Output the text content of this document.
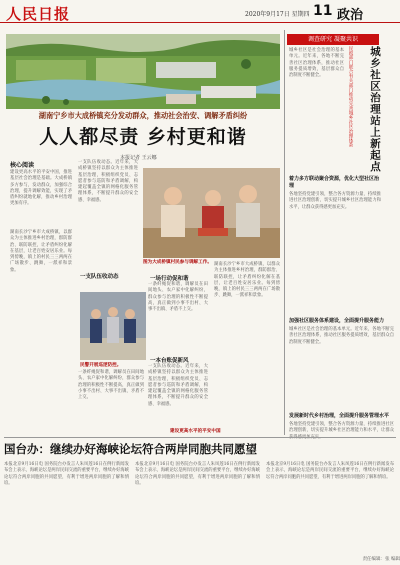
人民日报	2020年9月17日 星期四 11 政治
湖南宁乡市大成桥镇充分发动群众，推动社会治安、调解矛盾纠纷
人人都尽责 乡村更和谐
本报记者 王云娜
核心阅读
建设更高水平的平安中国，推进基层社会治理是基础。大成桥镇多方参与，发动群众，加强综合治理，提升调解效能，实现了矛盾纠纷就地化解，推动乡村治理更加有序。
湖南长沙宁乡市大成桥镇，以群众为主体推进乡村治理，群防群治、联防联控，让矛盾纠纷化解在基层，让老百姓安居乐业。每到傍晚，镇上的村民三三两两在广场散步、跳舞，一派祥和景象。
一支队伍收动态
一支队伍收动态。近年来，大成桥镇坚持以群众为主体推进基层治理，积极组织党员、志愿者参与巡防和矛盾调解，构建起覆盖全镇的网格化服务管理体系，不断提升群众的安全感、幸福感。
民警开展巡逻防控。
一条纤绳促和谐，调解员在田间地头、农户家中化解纠纷，群众参与治理的积极性不断提高，真正做到小事不出村、大事不出镇、矛盾不上交。
图为大成桥镇村民参与调解工作。
一场行动促和谐
一条纤绳促和谐，调解员在田间地头、农户家中化解纠纷，群众参与治理的积极性不断提高，真正做到小事不出村、大事不出镇、矛盾不上交。
一本台账促新风
一支队伍收动态。近年来，大成桥镇坚持以群众为主体推进基层治理，积极组织党员、志愿者参与巡防和矛盾调解，构建起覆盖全镇的网格化服务管理体系，不断提升群众的安全感、幸福感。
湖南长沙宁乡市大成桥镇，以群众为主体推进乡村治理，群防群治、联防联控，让矛盾纠纷化解在基层，让老百姓安居乐业。每到傍晚，镇上的村民三三两两在广场散步、跳舞，一派祥和景象。
建设更高水平的平安中国
调查研究 凝聚共识
城乡社区治理站上新起点
民政部门联合有关部门推动完善城乡社区治理体系
城乡社区是社会治理的基本单元。近年来，各地不断完善社区治理体系，推动社区服务提质增效，基层群众自治制度不断健全。
着力多方联动聚合资源，优化大型社区治理
各地坚持党建引领，整合各方资源力量，持续推进社区治理创新，切实提升城乡社区治理能力和水平，让群众获得感更加充实。
加强社区服务体系建设，全面提升服务能力
城乡社区是社会治理的基本单元。近年来，各地不断完善社区治理体系，推动社区服务提质增效，基层群众自治制度不断健全。
发展新时代乡村治理，全面提升服务管理水平
各地坚持党建引领，整合各方资源力量，持续推进社区治理创新，切实提升城乡社区治理能力和水平，让群众
国台办：继续办好海峡论坛符合两岸同胞共同愿望
本报北京9月16日电 国务院台办发言人朱凤莲16日在例行新闻发布会上表示，海峡论坛是两岸民间交流的重要平台，继续办好海峡论坛符合两岸同胞的共同愿望，有利于增进两岸同胞的了解和情谊。
本报北京9月16日电 国务院台办发言人朱凤莲16日在例行新闻发布会上表示，海峡论坛是两岸民间交流的重要平台，继续办好海峡论坛符合两岸同胞的共同愿望，有利于增进两岸同胞的了解和情谊。
本报北京9月16日电 国务院台办发言人朱凤莲16日在例行新闻发布会上表示，海峡论坛是两岸民间交流的重要平台，继续办好海峡论坛符合两岸同胞的共同愿望，有利于增进两岸同胞的了解和情谊。
责任编辑：张 编辑
